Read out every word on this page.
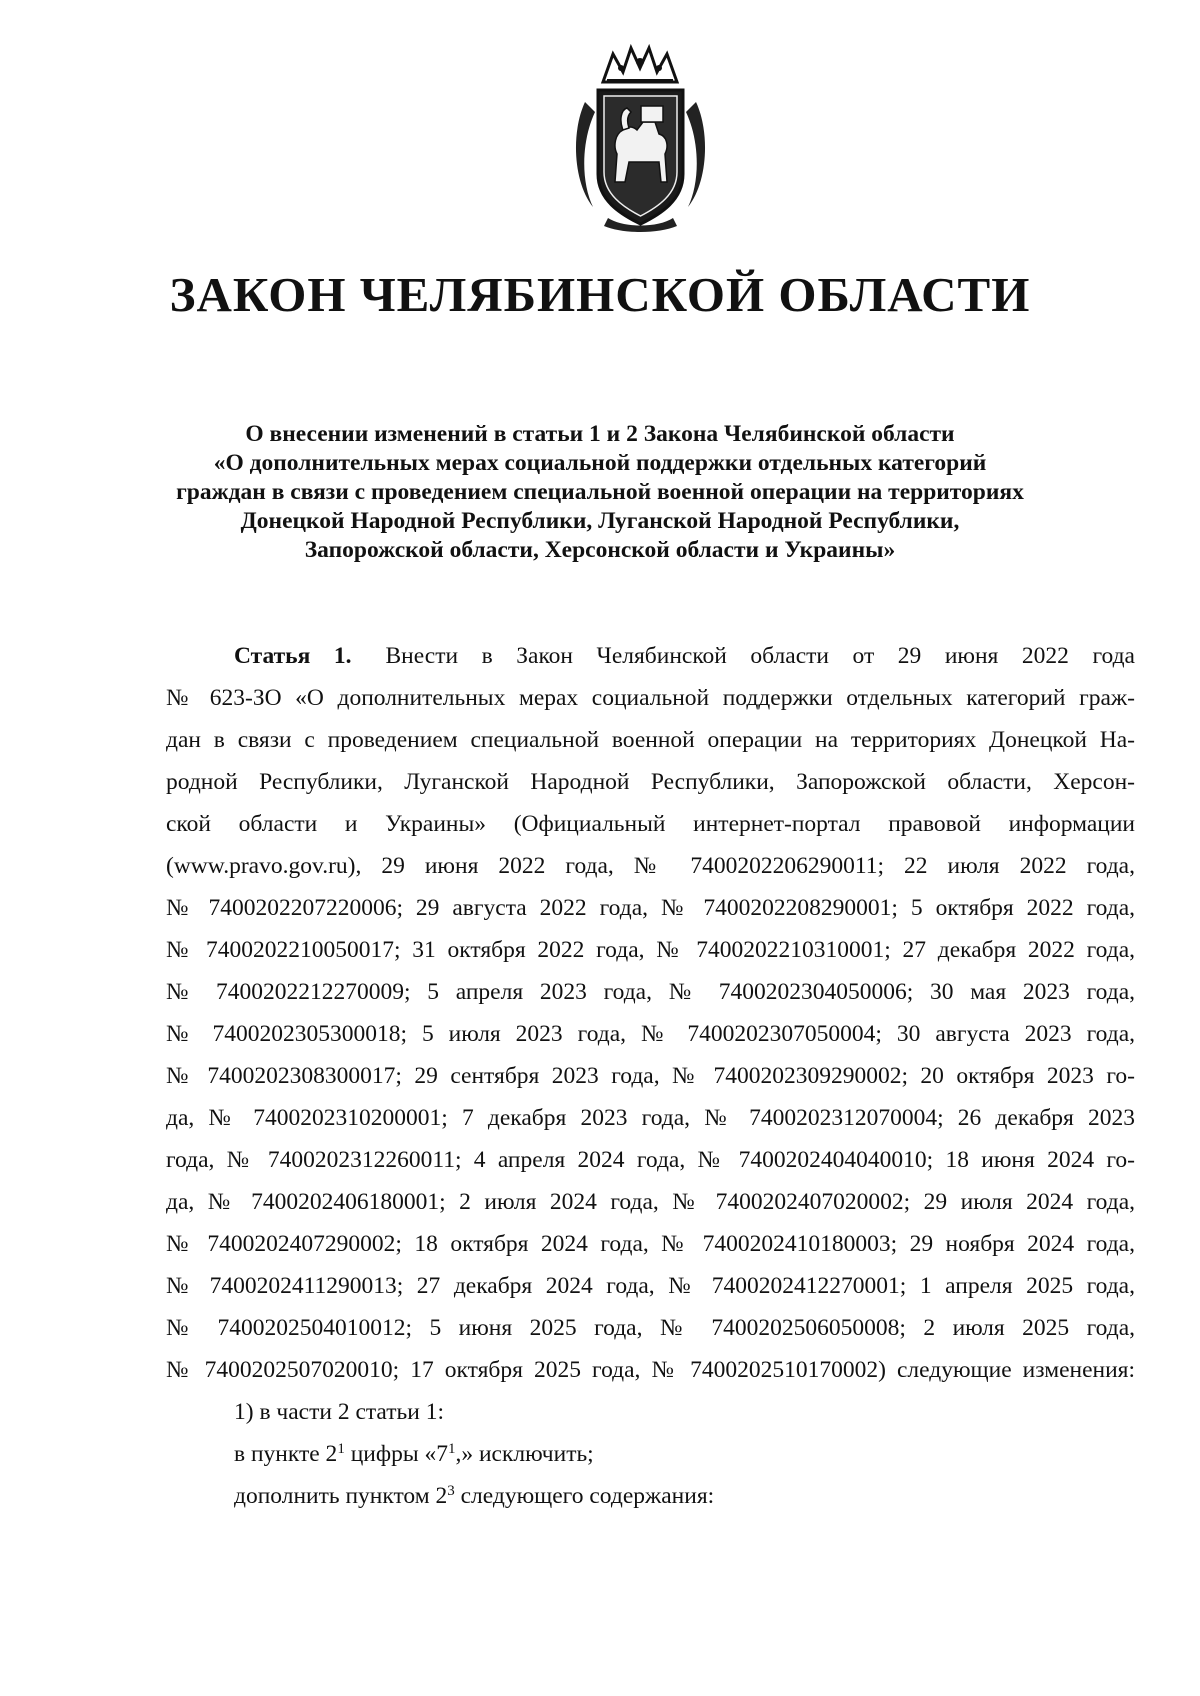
ЗАКОН ЧЕЛЯБИНСКОЙ ОБЛАСТИ
О внесении изменений в статьи 1 и 2 Закона Челябинской области
«О дополнительных мерах социальной поддержки отдельных категорий
граждан в связи с проведением специальной военной операции на территориях
Донецкой Народной Республики, Луганской Народной Республики,
Запорожской области, Херсонской области и Украины»
Статья 1. Внести в Закон Челябинской области от 29 июня 2022 года
№ 623-ЗО «О дополнительных мерах социальной поддержки отдельных категорий граж-
дан в связи с проведением специальной военной операции на территориях Донецкой На-
родной Республики, Луганской Народной Республики, Запорожской области, Херсон-
ской области и Украины» (Официальный интернет-портал правовой информации
(www.pravo.gov.ru), 29 июня 2022 года, № 7400202206290011; 22 июля 2022 года,
№ 7400202207220006; 29 августа 2022 года, № 7400202208290001; 5 октября 2022 года,
№ 7400202210050017; 31 октября 2022 года, № 7400202210310001; 27 декабря 2022 года,
№ 7400202212270009; 5 апреля 2023 года, № 7400202304050006; 30 мая 2023 года,
№ 7400202305300018; 5 июля 2023 года, № 7400202307050004; 30 августа 2023 года,
№ 7400202308300017; 29 сентября 2023 года, № 7400202309290002; 20 октября 2023 го-
да, № 7400202310200001; 7 декабря 2023 года, № 7400202312070004; 26 декабря 2023
года, № 7400202312260011; 4 апреля 2024 года, № 7400202404040010; 18 июня 2024 го-
да, № 7400202406180001; 2 июля 2024 года, № 7400202407020002; 29 июля 2024 года,
№ 7400202407290002; 18 октября 2024 года, № 7400202410180003; 29 ноября 2024 года,
№ 7400202411290013; 27 декабря 2024 года, № 7400202412270001; 1 апреля 2025 года,
№ 7400202504010012; 5 июня 2025 года, № 7400202506050008; 2 июля 2025 года,
№ 7400202507020010; 17 октября 2025 года, № 7400202510170002) следующие изменения:
1) в части 2 статьи 1:
в пункте $2^1$ цифры «$7^1$,» исключить;
дополнить пунктом $2^3$ следующего содержания:
